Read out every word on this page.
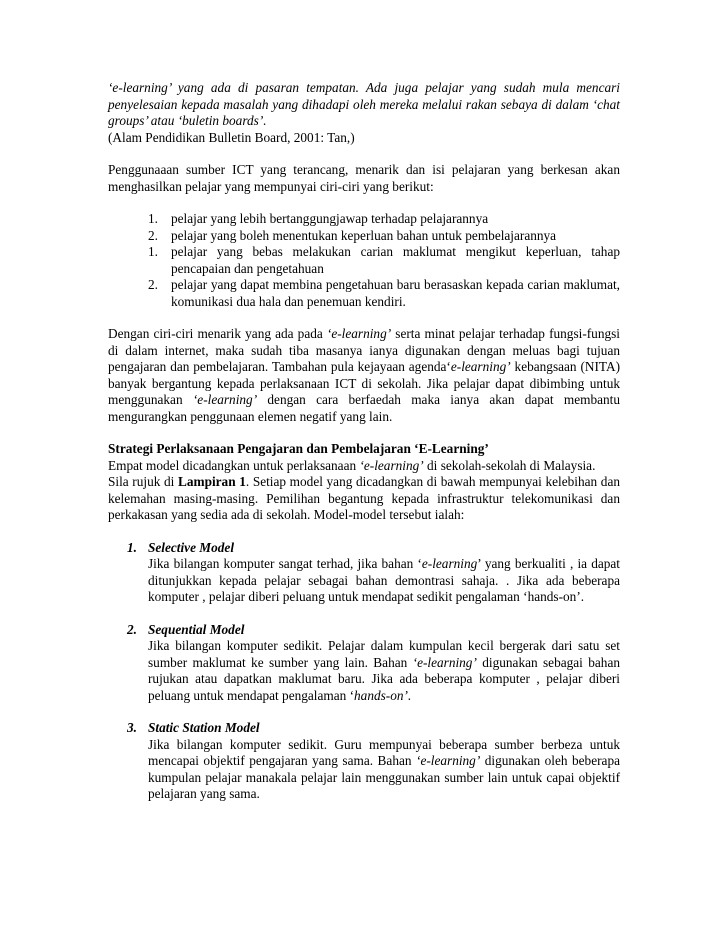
‘e-learning’ yang ada di pasaran tempatan. Ada juga pelajar yang sudah mula mencari penyelesaian kepada masalah yang dihadapi oleh mereka melalui rakan sebaya di dalam ‘chat groups’ atau ‘buletin boards’.

(Alam Pendidikan Bulletin Board, 2001: Tan,)

Penggunaaan sumber ICT yang terancang, menarik dan isi pelajaran yang berkesan akan menghasilkan pelajar yang mempunyai ciri-ciri yang berikut:

1. pelajar yang lebih bertanggungjawap terhadap pelajarannya
2. pelajar yang boleh menentukan keperluan bahan untuk pembelajarannya
1. pelajar yang bebas melakukan carian maklumat mengikut keperluan, tahap pencapaian dan pengetahuan
2. pelajar yang dapat membina pengetahuan baru berasaskan kepada carian maklumat, komunikasi dua hala dan penemuan kendiri.

Dengan ciri-ciri menarik yang ada pada ‘e-learning’ serta minat pelajar terhadap fungsi-fungsi di dalam internet, maka sudah tiba masanya ianya digunakan dengan meluas bagi tujuan pengajaran dan pembelajaran. Tambahan pula kejayaan agenda‘e-learning’ kebangsaan (NITA) banyak bergantung kepada perlaksanaan ICT di sekolah. Jika pelajar dapat dibimbing untuk menggunakan ‘e-learning’ dengan cara berfaedah maka ianya akan dapat membantu mengurangkan penggunaan elemen negatif yang lain.

Strategi Perlaksanaan Pengajaran dan Pembelajaran ‘E-Learning’

Empat model dicadangkan untuk perlaksanaan ‘e-learning’ di sekolah-sekolah di Malaysia.

Sila rujuk di Lampiran 1. Setiap model yang dicadangkan di bawah mempunyai kelebihan dan kelemahan masing-masing. Pemilihan begantung kepada infrastruktur telekomunikasi dan perkakasan yang sedia ada di sekolah. Model-model tersebut ialah:

1. Selective Model
Jika bilangan komputer sangat terhad, jika bahan ‘e-learning’ yang berkualiti , ia dapat ditunjukkan kepada pelajar sebagai bahan demontrasi sahaja. . Jika ada beberapa komputer , pelajar diberi peluang untuk mendapat sedikit pengalaman ‘hands-on’.
2. Sequential Model
Jika bilangan komputer sedikit. Pelajar dalam kumpulan kecil bergerak dari satu set sumber maklumat ke sumber yang lain. Bahan ‘e-learning’ digunakan sebagai bahan rujukan atau dapatkan maklumat baru. Jika ada beberapa komputer , pelajar diberi peluang untuk mendapat pengalaman ‘hands-on’.
3. Static Station Model
Jika bilangan komputer sedikit. Guru mempunyai beberapa sumber berbeza untuk mencapai objektif pengajaran yang sama. Bahan ‘e-learning’ digunakan oleh beberapa kumpulan pelajar manakala pelajar lain menggunakan sumber lain untuk capai objektif pelajaran yang sama.
